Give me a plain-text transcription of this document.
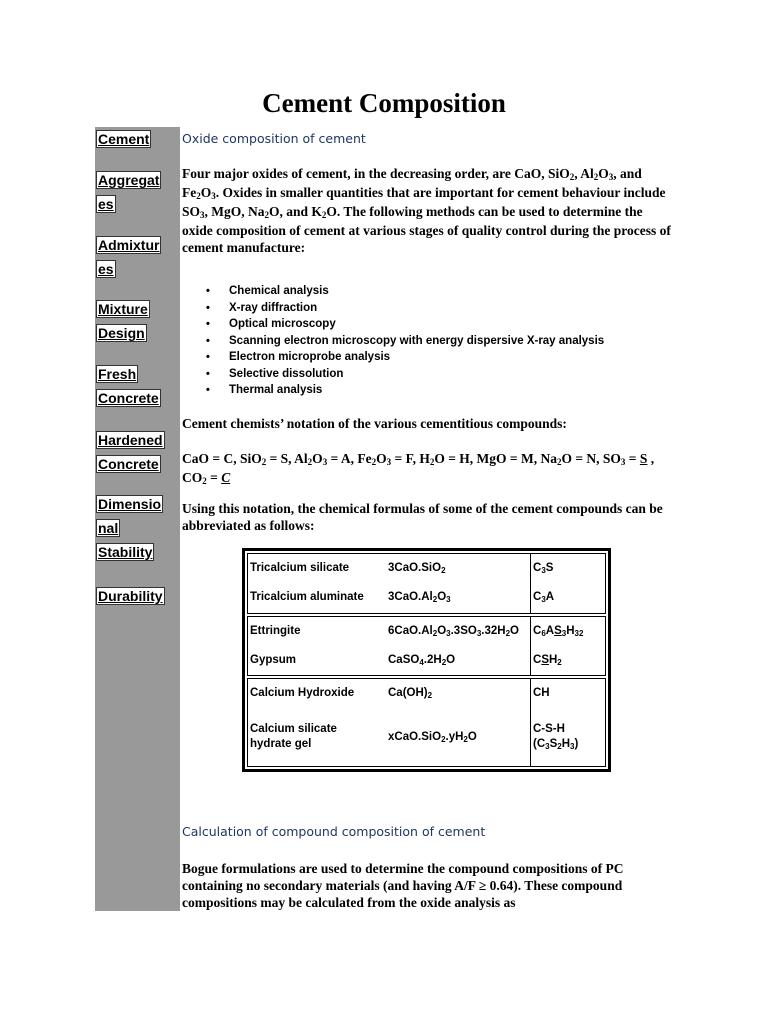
Cement Composition
Cement
Aggregat
es
Admixtur
es
Mixture
Design
Fresh
Concrete
Hardened
Concrete
Dimensio
nal
Stability
Durability
Oxide composition of cement

Four major oxides of cement, in the decreasing order, are CaO, SiO$_2$, $Al_2O_3$, and $Fe_2O_3$. Oxides in smaller quantities that are important for cement behaviour include $SO_3$, MgO, $Na_2O$, and $K_2O$. The following methods can be used to determine the oxide composition of cement at various stages of quality control during the process of cement manufacture:

• Chemical analysis
• X-ray diffraction
• Optical microscopy
• Scanning electron microscopy with energy dispersive X-ray analysis
• Electron microprobe analysis
• Selective dissolution
• Thermal analysis

Cement chemists’ notation of the various cementitious compounds:

CaO = C, SiO$_2$ = S, $Al_2O_3 = A$, $Fe_2O_3 = F$, $H_2O = H$, MgO = M, $Na_2O = N$, $SO_3 = S$ , $CO_2 = C$

Using this notation, the chemical formulas of some of the cement compounds can be abbreviated as follows:

Tricalcium silicate	3CaO.SiO$_2$	$C_3S$
Tricalcium aluminate	$3CaO.Al_2O_3$	$C_3A$

Ettringite	$6CaO.Al_2O_3.3SO_3.32H_2O$	$C_6AS_3H_{32}$
Gypsum	$CaSO_4.2H_2O$	$CSH_2$

Calcium Hydroxide	$Ca(OH)_2$	CH
Calcium silicate
hydrate gel	$xCaO.SiO_2.yH_2O$	C-S-H
$(C_3S_2H_3)$
Calculation of compound composition of cement

Bogue formulations are used to determine the compound compositions of PC containing no secondary materials (and having A/F ≥ 0.64). These compound compositions may be calculated from the oxide analysis as
